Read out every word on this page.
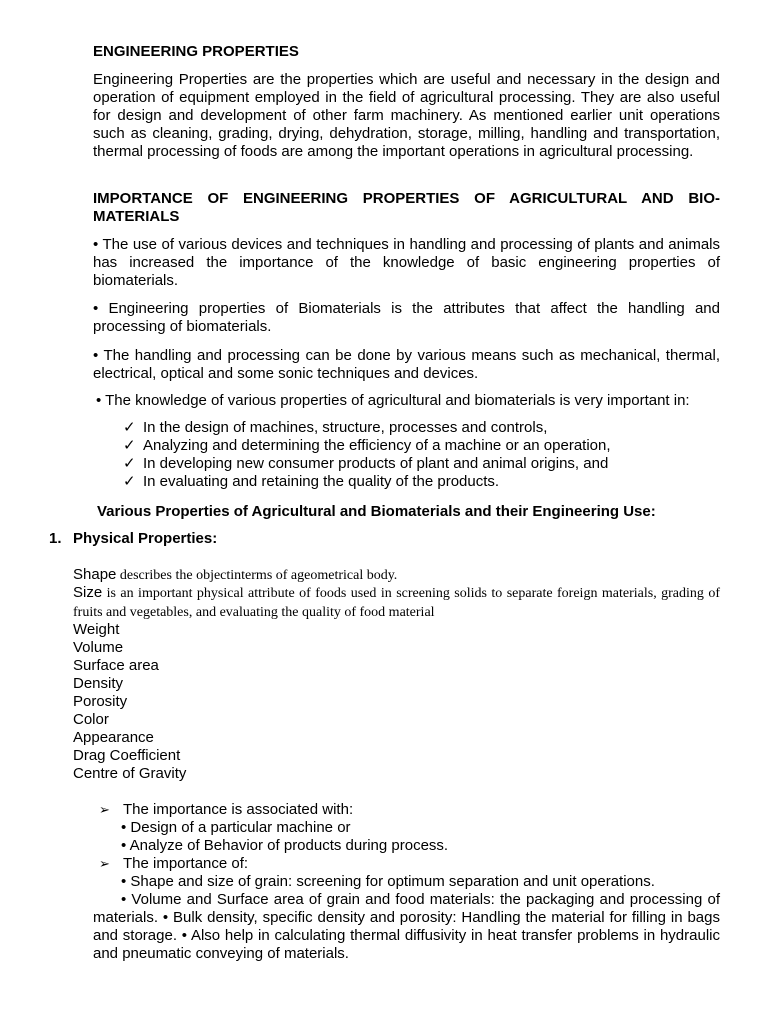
ENGINEERING PROPERTIES
Engineering Properties are the properties which are useful and necessary in the design and operation of equipment employed in the field of agricultural processing. They are also useful for design and development of other farm machinery. As mentioned earlier unit operations such as cleaning, grading, drying, dehydration, storage, milling, handling and transportation, thermal processing of foods are among the important operations in agricultural processing.
IMPORTANCE OF ENGINEERING PROPERTIES OF AGRICULTURAL AND BIO-MATERIALS
• The use of various devices and techniques in handling and processing of plants and animals has increased the importance of the knowledge of basic engineering properties of biomaterials.
• Engineering properties of Biomaterials is the attributes that affect the handling and processing of biomaterials.
• The handling and processing can be done by various means such as mechanical, thermal, electrical, optical and some sonic techniques and devices.
• The knowledge of various properties of agricultural and biomaterials is very important in:
✓ In the design of machines, structure, processes and controls,
✓ Analyzing and determining the efficiency of a machine or an operation,
✓ In developing new consumer products of plant and animal origins, and
✓ In evaluating and retaining the quality of the products.
Various Properties of Agricultural and Biomaterials and their Engineering Use:
1. Physical Properties:
Shape describes the objectinterms of ageometrical body.
Size is an important physical attribute of foods used in screening solids to separate foreign materials, grading of fruits and vegetables, and evaluating the quality of food material
Weight
Volume
Surface area
Density
Porosity
Color
Appearance
Drag Coefficient
Centre of Gravity
➢ The importance is associated with:
• Design of a particular machine or
• Analyze of Behavior of products during process.
➢ The importance of:
• Shape and size of grain: screening for optimum separation and unit operations.
• Volume and Surface area of grain and food materials: the packaging and processing of materials. • Bulk density, specific density and porosity: Handling the material for filling in bags and storage. • Also help in calculating thermal diffusivity in heat transfer problems in hydraulic and pneumatic conveying of materials.
